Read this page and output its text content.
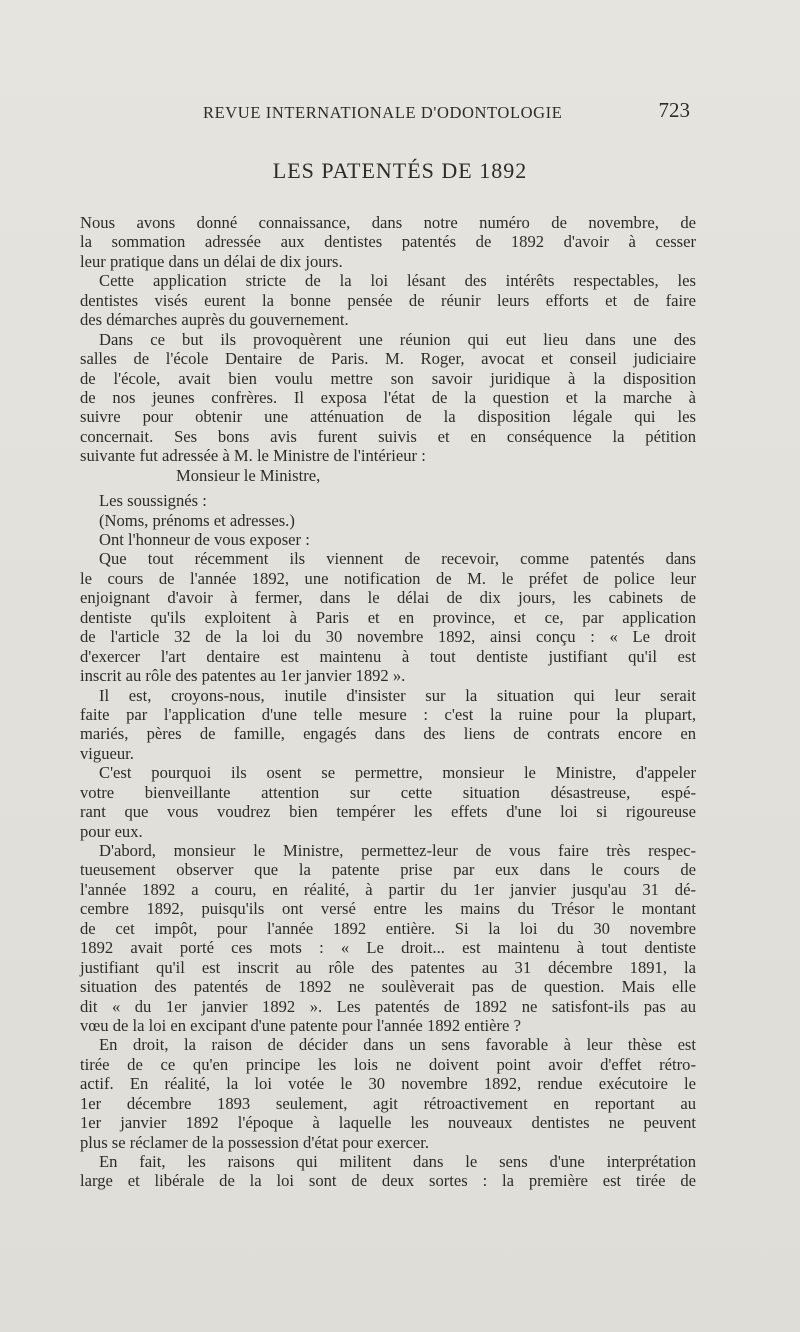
REVUE INTERNATIONALE D'ODONTOLOGIE	723
LES PATENTÉS DE 1892
Nous avons donné connaissance, dans notre numéro de novembre, de
la sommation adressée aux dentistes patentés de 1892 d'avoir à cesser
leur pratique dans un délai de dix jours.
Cette application stricte de la loi lésant des intérêts respectables, les
dentistes visés eurent la bonne pensée de réunir leurs efforts et de faire
des démarches auprès du gouvernement.
Dans ce but ils provoquèrent une réunion qui eut lieu dans une des
salles de l'école Dentaire de Paris. M. Roger, avocat et conseil judiciaire
de l'école, avait bien voulu mettre son savoir juridique à la disposition
de nos jeunes confrères. Il exposa l'état de la question et la marche à
suivre pour obtenir une atténuation de la disposition légale qui les
concernait. Ses bons avis furent suivis et en conséquence la pétition
suivante fut adressée à M. le Ministre de l'intérieur :
Monsieur le Ministre,
Les soussignés :
(Noms, prénoms et adresses.)
Ont l'honneur de vous exposer :
Que tout récemment ils viennent de recevoir, comme patentés dans
le cours de l'année 1892, une notification de M. le préfet de police leur
enjoignant d'avoir à fermer, dans le délai de dix jours, les cabinets de
dentiste qu'ils exploitent à Paris et en province, et ce, par application
de l'article 32 de la loi du 30 novembre 1892, ainsi conçu : « Le droit
d'exercer l'art dentaire est maintenu à tout dentiste justifiant qu'il est
inscrit au rôle des patentes au 1er janvier 1892 ».
Il est, croyons-nous, inutile d'insister sur la situation qui leur serait
faite par l'application d'une telle mesure : c'est la ruine pour la plupart,
mariés, pères de famille, engagés dans des liens de contrats encore en
vigueur.
C'est pourquoi ils osent se permettre, monsieur le Ministre, d'appeler
votre bienveillante attention sur cette situation désastreuse, espé-
rant que vous voudrez bien tempérer les effets d'une loi si rigoureuse
pour eux.
D'abord, monsieur le Ministre, permettez-leur de vous faire très respec-
tueusement observer que la patente prise par eux dans le cours de
l'année 1892 a couru, en réalité, à partir du 1er janvier jusqu'au 31 dé-
cembre 1892, puisqu'ils ont versé entre les mains du Trésor le montant
de cet impôt, pour l'année 1892 entière. Si la loi du 30 novembre
1892 avait porté ces mots : « Le droit... est maintenu à tout dentiste
justifiant qu'il est inscrit au rôle des patentes au 31 décembre 1891, la
situation des patentés de 1892 ne soulèverait pas de question. Mais elle
dit « du 1er janvier 1892 ». Les patentés de 1892 ne satisfont-ils pas au
vœu de la loi en excipant d'une patente pour l'année 1892 entière ?
En droit, la raison de décider dans un sens favorable à leur thèse est
tirée de ce qu'en principe les lois ne doivent point avoir d'effet rétro-
actif. En réalité, la loi votée le 30 novembre 1892, rendue exécutoire le
1er décembre 1893 seulement, agit rétroactivement en reportant au
1er janvier 1892 l'époque à laquelle les nouveaux dentistes ne peuvent
plus se réclamer de la possession d'état pour exercer.
En fait, les raisons qui militent dans le sens d'une interprétation
large et libérale de la loi sont de deux sortes : la première est tirée de
